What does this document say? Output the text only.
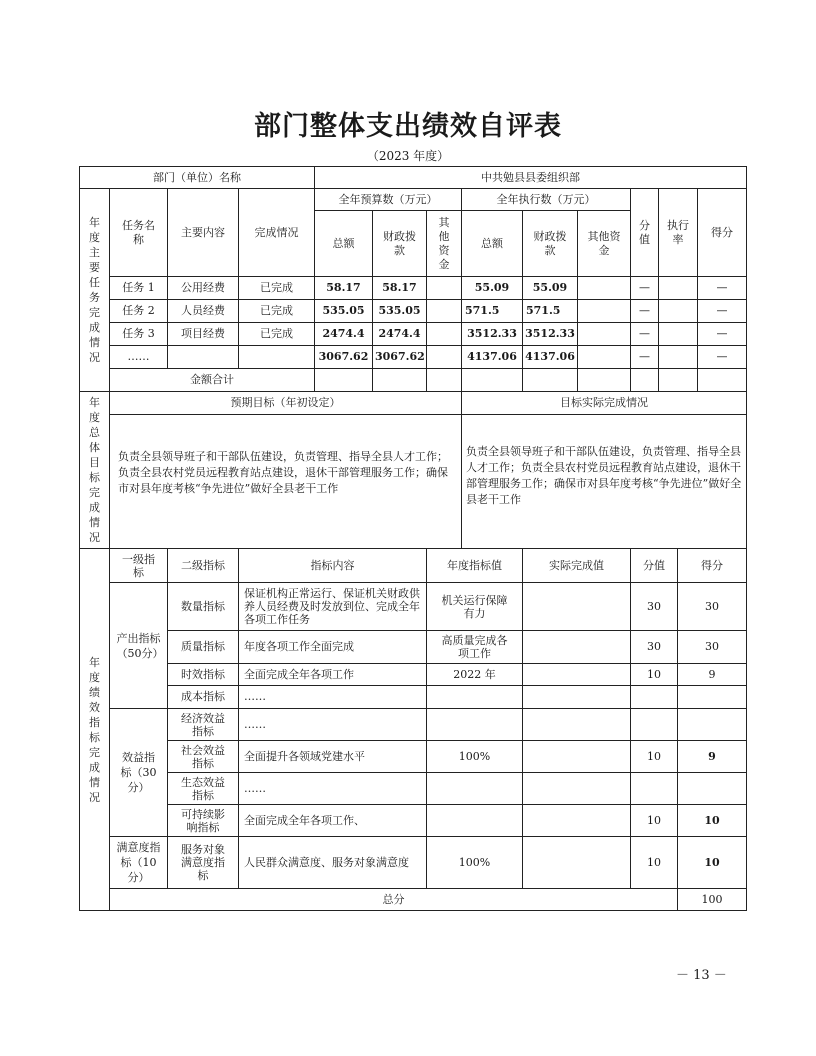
部门整体支出绩效自评表
（2023 年度）
部门（单位）名称				中共勉县县委组织部								
年度主要任务完成情况	任务名称	主要内容	完成情况	全年预算数（万元）			全年执行数（万元）			分值	执行率	得分
				总额	财政拨款	其他资金	总额	财政拨款	其他资金			
	任务 1	公用经费	已完成	58.17	58.17		55.09	55.09		—		—
	任务 2	人员经费	已完成	535.05	535.05		571.5	571.5		—		—
	任务 3	项目经费	已完成	2474.4	2474.4		3512.33	3512.33		—		—
	……			3067.62	3067.62		4137.06	4137.06		—		—
	金额合计											
年度总体目标完成情况	预期目标（年初设定）						目标实际完成情况					
	负责全县领导班子和干部队伍建设，负责管理、指导全县人才工作；负责全县农村党员远程教育站点建设，退休干部管理服务工作；确保市对县年度考核“争先进位”做好全县老干工作						负责全县领导班子和干部队伍建设，负责管理、指导全县人才工作；负责全县农村党员远程教育站点建设，退休干部管理服务工作；确保市对县年度考核“争先进位”做好全县老干工作					
年度绩效指标完成情况	一级指标	二级指标	指标内容	年度指标值	实际完成值	分值	得分	
	产出指标（50分）	数量指标	保证机构正常运行、保证机关财政供养人员经费及时发放到位、完成全年各项工作任务	机关运行保障有力		30	30	
		质量指标	年度各项工作全面完成	高质量完成各项工作		30	30	
		时效指标	全面完成全年各项工作	2022 年		10	9	
		成本指标	……					
	效益指标（30分）	经济效益指标	……					
		社会效益指标	全面提升各领域党建水平	100%		10	9	
		生态效益指标	……					
		可持续影响指标	全面完成全年各项工作、			10	10	
	满意度指标（10分）	服务对象满意度指标	人民群众满意度、服务对象满意度	100%		10	10	
	总分						100	
－ 13 －
